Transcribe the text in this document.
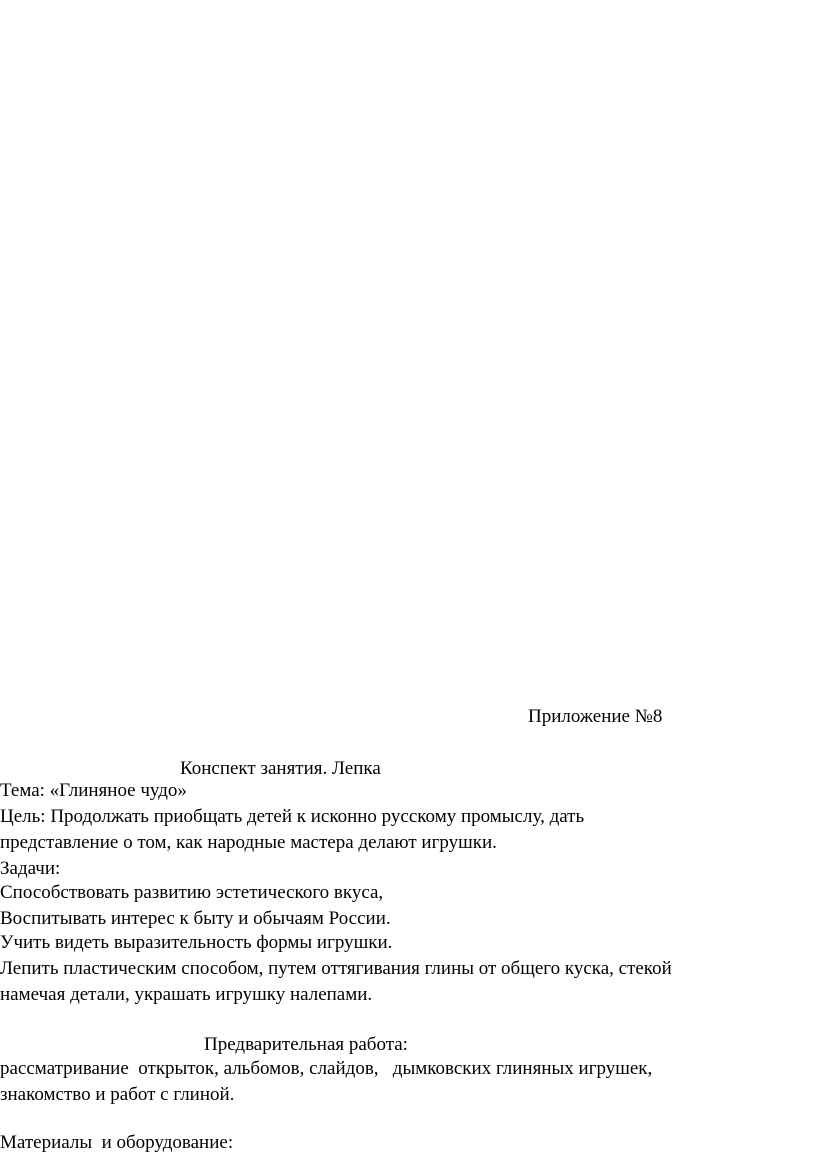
Приложение №8
Конспект занятия. Лепка
Тема: «Глиняное чудо»
Цель: Продолжать приобщать детей к исконно русскому промыслу, дать
представление о том, как народные мастера делают игрушки.
Задачи:
Способствовать развитию эстетического вкуса,
Воспитывать интерес к быту и обычаям России.
Учить видеть выразительность формы игрушки.
Лепить пластическим способом, путем оттягивания глины от общего куска, стекой
намечая детали, украшать игрушку налепами.
Предварительная работа:
рассматривание  открыток, альбомов, слайдов,   дымковских глиняных игрушек,
знакомство и работ с глиной.
Материалы  и оборудование:
